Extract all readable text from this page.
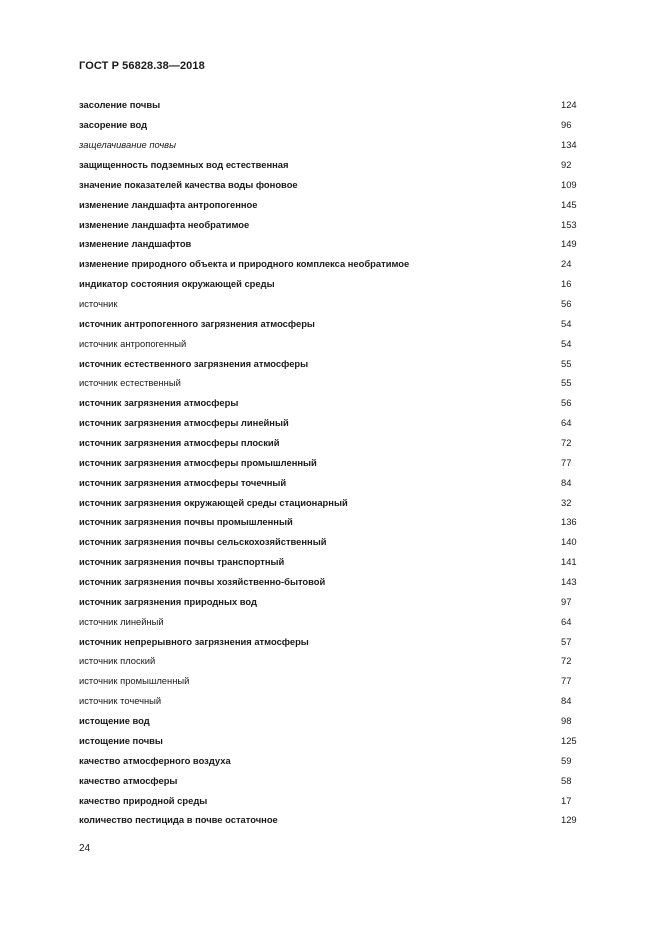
ГОСТ Р 56828.38—2018
засоление почвы	124
засорение вод	96
защелачивание почвы	134
защищенность подземных вод естественная	92
значение показателей качества воды фоновое	109
изменение ландшафта антропогенное	145
изменение ландшафта необратимое	153
изменение ландшафтов	149
изменение природного объекта и природного комплекса необратимое	24
индикатор состояния окружающей среды	16
источник	56
источник антропогенного загрязнения атмосферы	54
источник антропогенный	54
источник естественного загрязнения атмосферы	55
источник естественный	55
источник загрязнения атмосферы	56
источник загрязнения атмосферы линейный	64
источник загрязнения атмосферы плоский	72
источник загрязнения атмосферы промышленный	77
источник загрязнения атмосферы точечный	84
источник загрязнения окружающей среды стационарный	32
источник загрязнения почвы промышленный	136
источник загрязнения почвы сельскохозяйственный	140
источник загрязнения почвы транспортный	141
источник загрязнения почвы хозяйственно-бытовой	143
источник загрязнения природных вод	97
источник линейный	64
источник непрерывного загрязнения атмосферы	57
источник плоский	72
источник промышленный	77
источник точечный	84
истощение вод	98
истощение почвы	125
качество атмосферного воздуха	59
качество атмосферы	58
качество природной среды	17
количество пестицида в почве остаточное	129
24
